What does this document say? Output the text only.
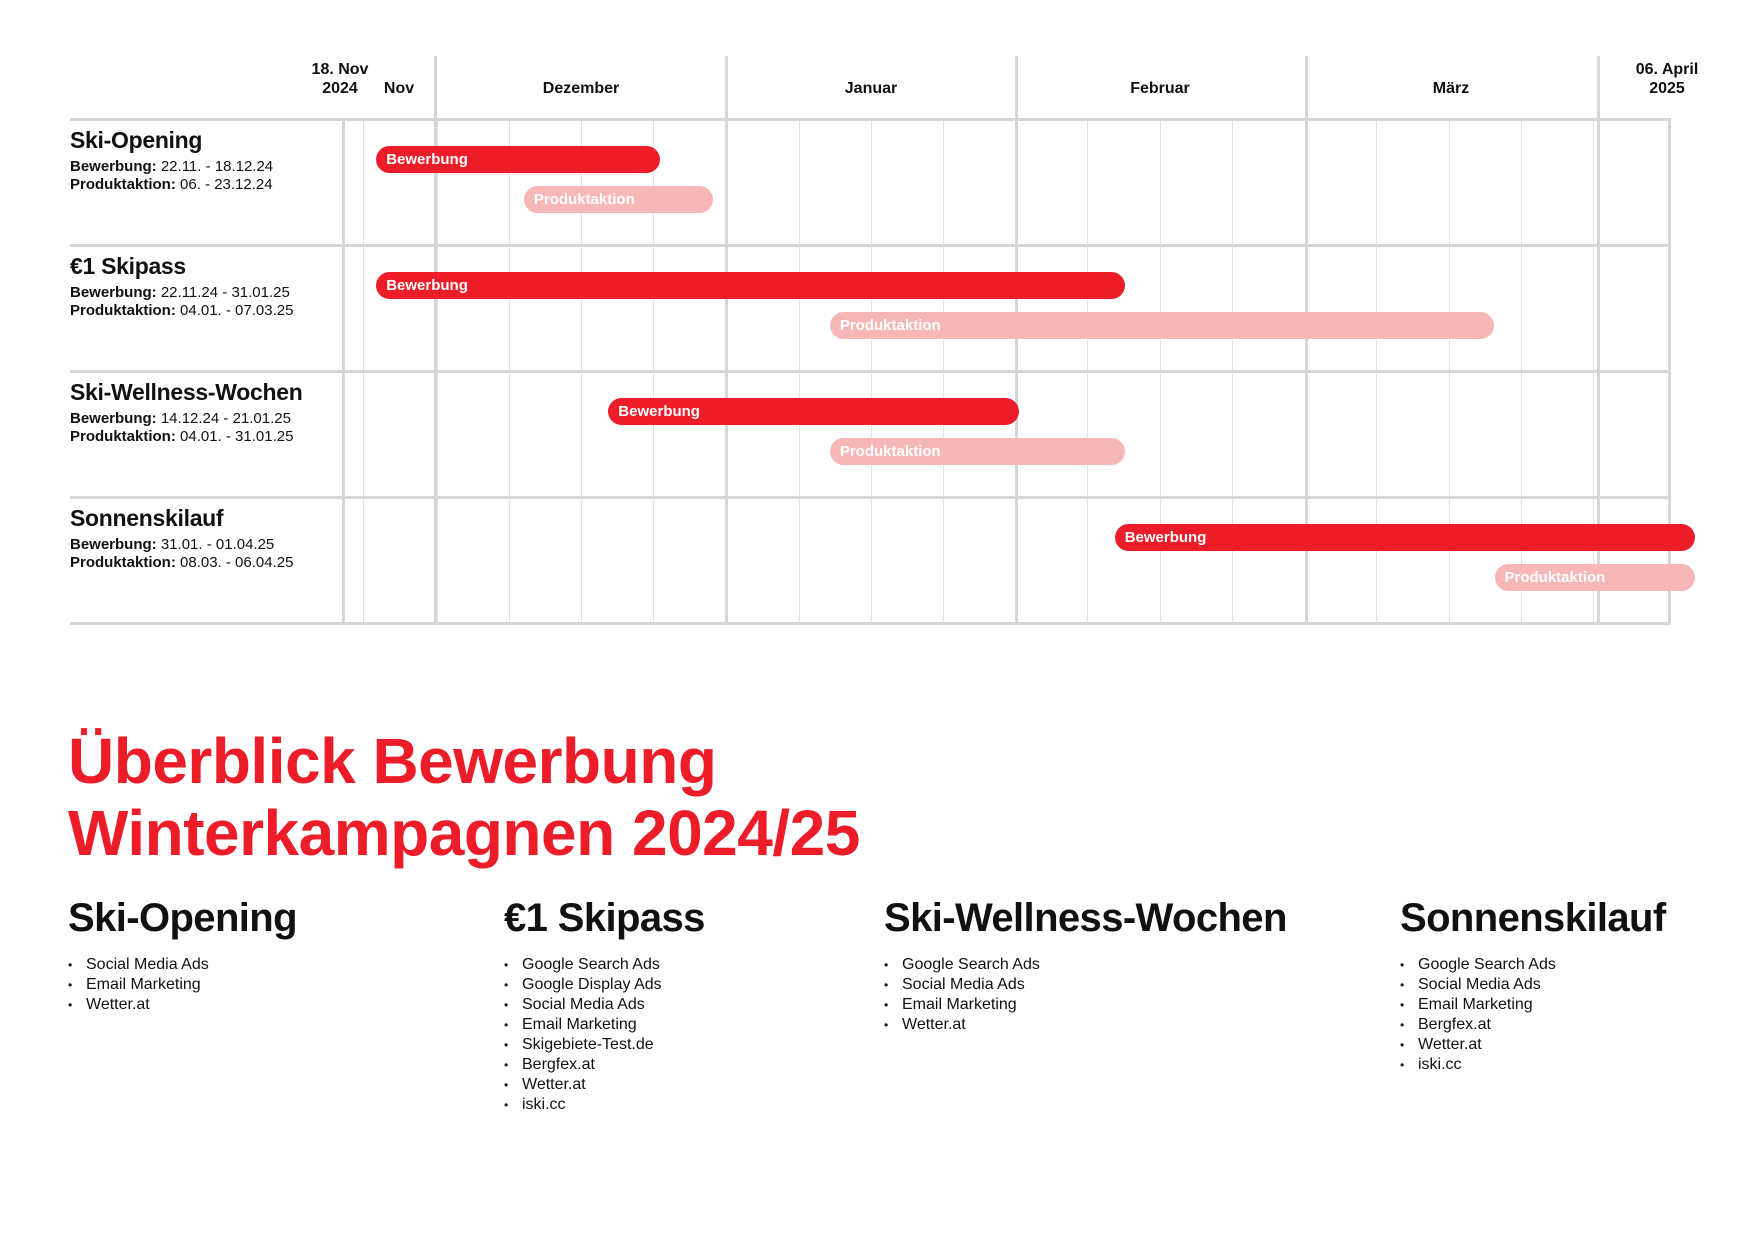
Nov	Dezember	Januar	Februar	März
18. Nov
2024
06. April
2025
Ski-Opening
Bewerbung: 22.11. - 18.12.24
Produktaktion: 06. - 23.12.24
Bewerbung
Produktaktion
€1 Skipass
Bewerbung: 22.11.24 - 31.01.25
Produktaktion: 04.01. - 07.03.25
Bewerbung
Produktaktion
Ski-Wellness-Wochen
Bewerbung: 14.12.24 - 21.01.25
Produktaktion: 04.01. - 31.01.25
Bewerbung
Produktaktion
Sonnenskilauf
Bewerbung: 31.01. - 01.04.25
Produktaktion: 08.03. - 06.04.25
Bewerbung
Produktaktion
Überblick Bewerbung
Winterkampagnen 2024/25
Ski-Opening
• Social Media Ads
• Email Marketing
• Wetter.at
€1 Skipass
• Google Search Ads
• Google Display Ads
• Social Media Ads
• Email Marketing
• Skigebiete-Test.de
• Bergfex.at
• Wetter.at
• iski.cc
Ski-Wellness-Wochen
• Google Search Ads
• Social Media Ads
• Email Marketing
• Wetter.at
Sonnenskilauf
• Google Search Ads
• Social Media Ads
• Email Marketing
• Bergfex.at
• Wetter.at
• iski.cc
